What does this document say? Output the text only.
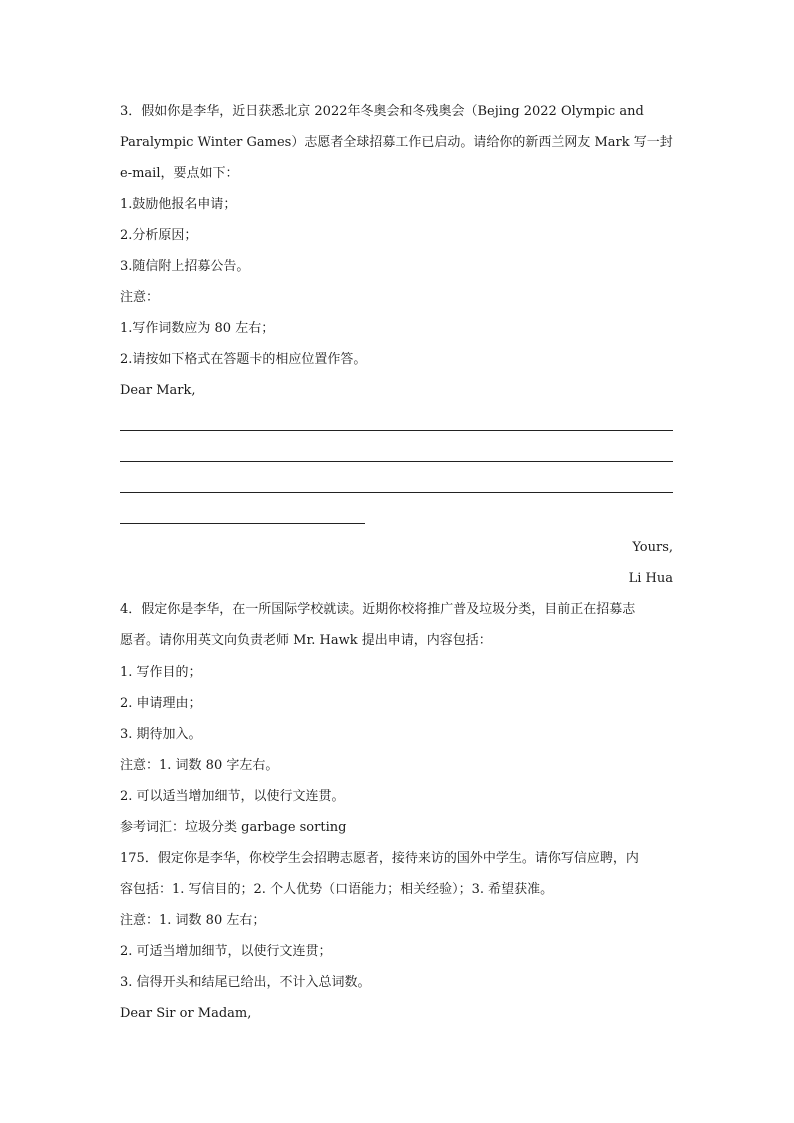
3．假如你是李华，近日获悉北京 2022年冬奥会和冬残奥会（Bejing 2022 Olympic and
Paralympic Winter Games）志愿者全球招募工作已启动。请给你的新西兰网友 Mark 写一封
e-mail，要点如下：
1.鼓励他报名申请；
2.分析原因；
3.随信附上招募公告。
注意：
1.写作词数应为 80 左右；
2.请按如下格式在答题卡的相应位置作答。
Dear Mark,
Yours,
Li Hua
4．假定你是李华，在一所国际学校就读。近期你校将推广普及垃圾分类，目前正在招募志
愿者。请你用英文向负责老师 Mr. Hawk 提出申请，内容包括：
1. 写作目的；
2. 申请理由；
3. 期待加入。
注意：1. 词数 80 字左右。
2. 可以适当增加细节，以使行文连贯。
参考词汇：垃圾分类 garbage sorting
175．假定你是李华，你校学生会招聘志愿者，接待来访的国外中学生。请你写信应聘，内
容包括：1. 写信目的；2. 个人优势（口语能力；相关经验）；3. 希望获准。
注意：1. 词数 80 左右；
2. 可适当增加细节，以使行文连贯；
3. 信得开头和结尾已给出，不计入总词数。
Dear Sir or Madam,
